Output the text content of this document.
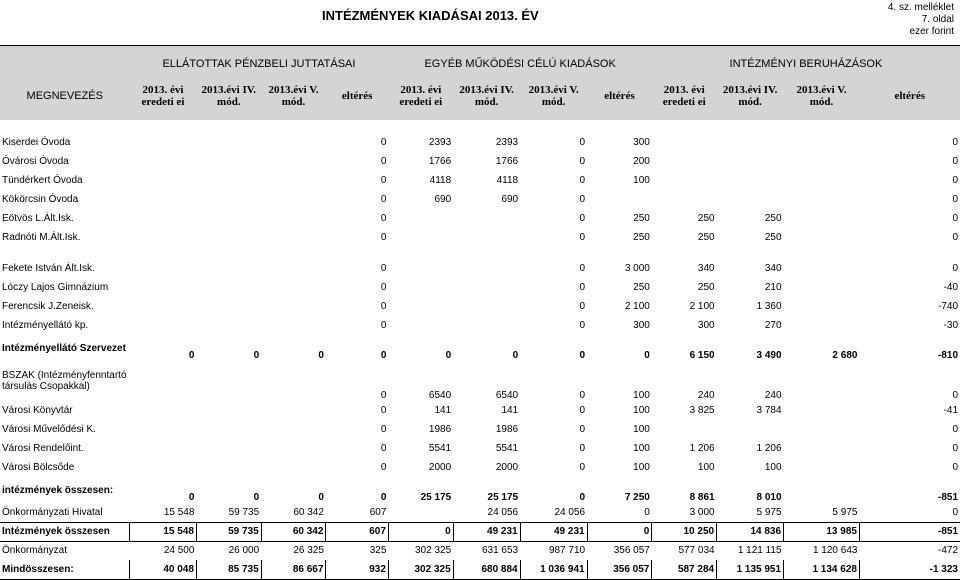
INTÉZMÉNYEK KIADÁSAI 2013. ÉV
4. sz. melléklet
7. oldal
ezer forint
	ELLÁTOTTAK PÉNZBELI JUTTATÁSAI				EGYÉB MŰKÖDÉSI CÉLÚ KIADÁSOK				INTÉZMÉNYI BERUHÁZÁSOK			
MEGNEVEZÉS	2013. évi eredeti ei	2013.évi IV. mód.	2013.évi V. mód.	eltérés	2013. évi eredeti ei	2013.évi IV. mód.	2013.évi V. mód.	eltérés	2013. évi eredeti ei	2013.évi IV. mód.	2013.évi V. mód.	eltérés

Kiserdei Óvoda				0	2393	2393	0	300				0
Óvárosi Óvoda				0	1766	1766	0	200				0
Tündérkert Óvoda				0	4118	4118	0	100				0
Kökörcsin Óvoda				0	690	690	0					0
Eötvös L.Ált.Isk.				0			0	250	250	250		0
Radnóti M.Ált.Isk.				0			0	250	250	250		0

Fekete István Ált.Isk.				0			0	3 000	340	340		0
Lóczy Lajos Gimnázium				0			0	250	250	210		-40
Ferencsik J.Zeneisk.				0			0	2 100	2 100	1 360		-740
Intézményellátó kp.				0			0	300	300	270		-30
Intézményellátó Szervezet	0	0	0	0	0	0	0	0	6 150	3 490	2 680	-810
BSZAK (Intézményfenntartó társulás Csopakkal)				0	6540	6540	0	100	240	240		0
Városi Könyvtár				0	141	141	0	100	3 825	3 784		-41
Városi Művelődési K.				0	1986	1986	0	100				0
Városi Rendelőint.				0	5541	5541	0	100	1 206	1 206		0
Városi Bölcsőde				0	2000	2000	0	100	100	100		0
intézmények összesen:	0	0	0	0	25 175	25 175	0	7 250	8 861	8 010		-851
Önkormányzati Hivatal	15 548	59 735	60 342	607		24 056	24 056	0	3 000	5 975	5 975	0
Intézmények összesen	15 548	59 735	60 342	607	0	49 231	49 231	0	10 250	14 836	13 985	-851
Önkormányzat	24 500	26 000	26 325	325	302 325	631 653	987 710	356 057	577 034	1 121 115	1 120 643	-472
Mindösszesen:	40 048	85 735	86 667	932	302 325	680 884	1 036 941	356 057	587 284	1 135 951	1 134 628	-1 323
